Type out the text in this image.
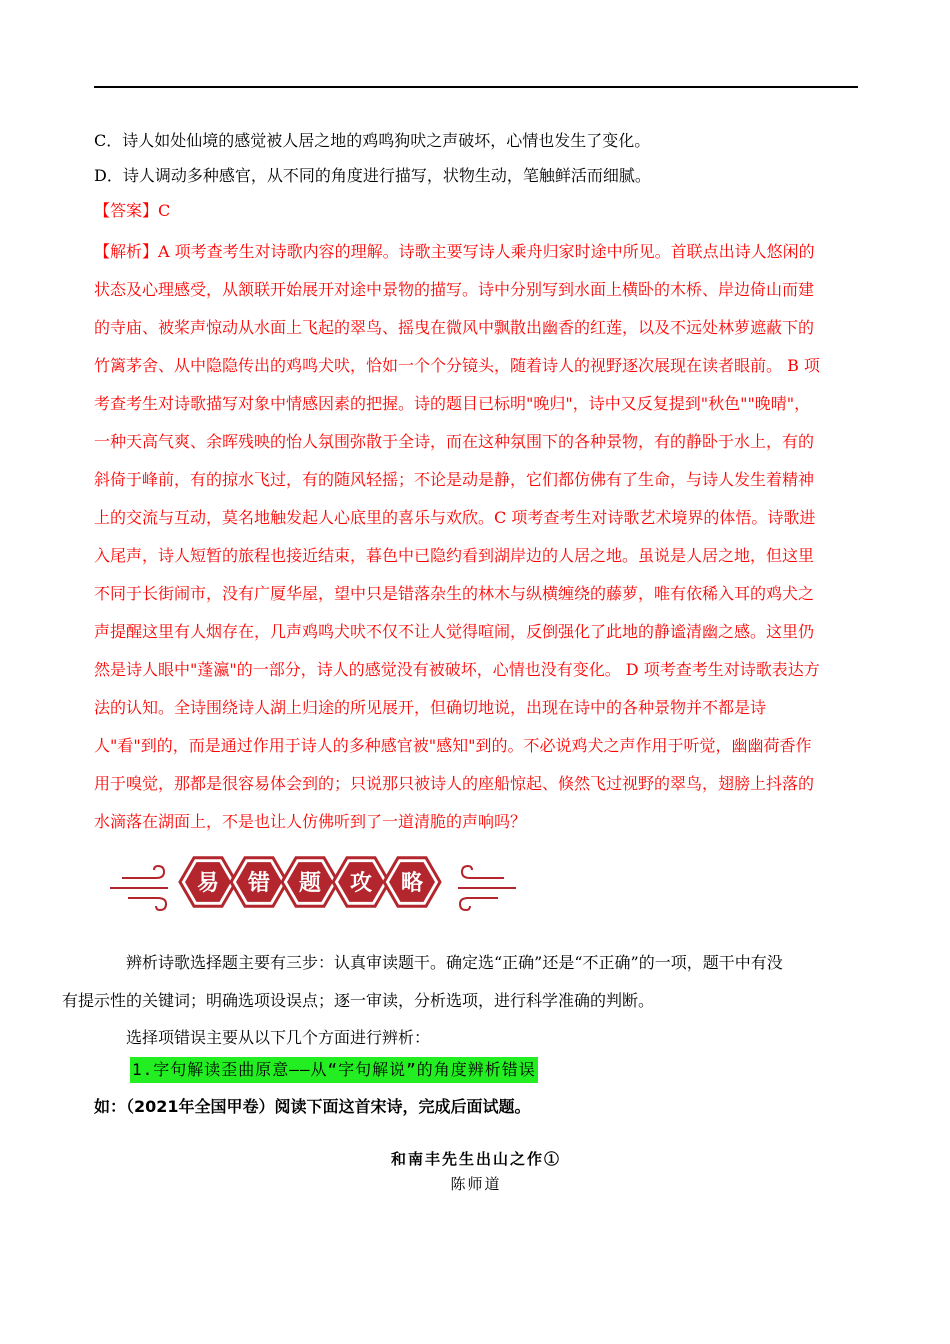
C．诗人如处仙境的感觉被人居之地的鸡鸣狗吠之声破坏，心情也发生了变化。
D．诗人调动多种感官，从不同的角度进行描写，状物生动，笔触鲜活而细腻。
【答案】C
【解析】A 项考查考生对诗歌内容的理解。诗歌主要写诗人乘舟归家时途中所见。首联点出诗人悠闲的
状态及心理感受，从颔联开始展开对途中景物的描写。诗中分别写到水面上横卧的木桥、岸边倚山而建
的寺庙、被桨声惊动从水面上飞起的翠鸟、摇曳在微风中飘散出幽香的红莲，以及不远处林萝遮蔽下的
竹篱茅舍、从中隐隐传出的鸡鸣犬吠，恰如一个个分镜头，随着诗人的视野逐次展现在读者眼前。 B 项
考查考生对诗歌描写对象中情感因素的把握。诗的题目已标明"晚归"，诗中又反复提到"秋色""晚晴"，
一种天高气爽、余晖残映的怡人氛围弥散于全诗，而在这种氛围下的各种景物，有的静卧于水上，有的
斜倚于峰前，有的掠水飞过，有的随风轻摇；不论是动是静，它们都仿佛有了生命，与诗人发生着精神
上的交流与互动，莫名地触发起人心底里的喜乐与欢欣。C 项考查考生对诗歌艺术境界的体悟。诗歌进
入尾声，诗人短暂的旅程也接近结束，暮色中已隐约看到湖岸边的人居之地。虽说是人居之地，但这里
不同于长街闹市，没有广厦华屋，望中只是错落杂生的林木与纵横缠绕的藤萝，唯有依稀入耳的鸡犬之
声提醒这里有人烟存在，几声鸡鸣犬吠不仅不让人觉得喧闹，反倒强化了此地的静谧清幽之感。这里仍
然是诗人眼中"蓬瀛"的一部分，诗人的感觉没有被破坏，心情也没有变化。 D 项考查考生对诗歌表达方
法的认知。全诗围绕诗人湖上归途的所见展开，但确切地说，出现在诗中的各种景物并不都是诗
人"看"到的，而是通过作用于诗人的多种感官被"感知"到的。不必说鸡犬之声作用于听觉，幽幽荷香作
用于嗅觉，那都是很容易体会到的；只说那只被诗人的座船惊起、倏然飞过视野的翠鸟，翅膀上抖落的
水滴落在湖面上，不是也让人仿佛听到了一道清脆的声响吗？
辨析诗歌选择题主要有三步：认真审读题干。确定选“正确”还是“不正确”的一项，题干中有没
有提示性的关键词；明确选项设误点；逐一审读，分析选项，进行科学准确的判断。
选择项错误主要从以下几个方面进行辨析：
1.字句解读歪曲原意——从“字句解说”的角度辨析错误
如：（2021年全国甲卷）阅读下面这首宋诗，完成后面试题。
和南丰先生出山之作①
陈师道
易 错 题 攻 略
